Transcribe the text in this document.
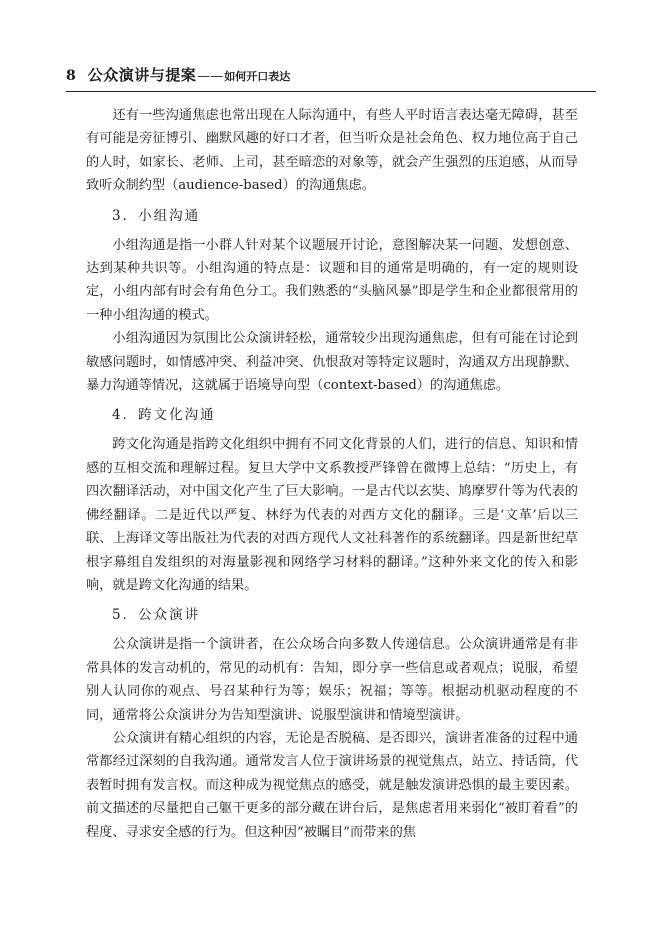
8 公众演讲与提案 —— 如何开口表达

还有一些沟通焦虑也常出现在人际沟通中，有些人平时语言表达毫无障碍，甚至有可能是旁征博引、幽默风趣的好口才者，但当听众是社会角色、权力地位高于自己的人时，如家长、老师、上司，甚至暗恋的对象等，就会产生强烈的压迫感，从而导致听众制约型（audience-based）的沟通焦虑。

3．小组沟通

小组沟通是指一小群人针对某个议题展开讨论，意图解决某一问题、发想创意、达到某种共识等。小组沟通的特点是：议题和目的通常是明确的，有一定的规则设定，小组内部有时会有角色分工。我们熟悉的“头脑风暴”即是学生和企业都很常用的一种小组沟通的模式。

小组沟通因为氛围比公众演讲轻松，通常较少出现沟通焦虑，但有可能在讨论到敏感问题时，如情感冲突、利益冲突、仇恨敌对等特定议题时，沟通双方出现静默、暴力沟通等情况，这就属于语境导向型（context-based）的沟通焦虑。

4．跨文化沟通

跨文化沟通是指跨文化组织中拥有不同文化背景的人们，进行的信息、知识和情感的互相交流和理解过程。复旦大学中文系教授严锋曾在微博上总结：“历史上，有四次翻译活动，对中国文化产生了巨大影响。一是古代以玄奘、鸠摩罗什等为代表的佛经翻译。二是近代以严复、林纾为代表的对西方文化的翻译。三是‘文革’后以三联、上海译文等出版社为代表的对西方现代人文社科著作的系统翻译。四是新世纪草根字幕组自发组织的对海量影视和网络学习材料的翻译。”这种外来文化的传入和影响，就是跨文化沟通的结果。

5．公众演讲

公众演讲是指一个演讲者，在公众场合向多数人传递信息。公众演讲通常是有非常具体的发言动机的，常见的动机有：告知，即分享一些信息或者观点；说服，希望别人认同你的观点、号召某种行为等；娱乐；祝福；等等。根据动机驱动程度的不同，通常将公众演讲分为告知型演讲、说服型演讲和情境型演讲。

公众演讲有精心组织的内容，无论是否脱稿、是否即兴，演讲者准备的过程中通常都经过深刻的自我沟通。通常发言人位于演讲场景的视觉焦点，站立、持话筒，代表暂时拥有发言权。而这种成为视觉焦点的感受，就是触发演讲恐惧的最主要因素。前文描述的尽量把自己躯干更多的部分藏在讲台后，是焦虑者用来弱化“被盯着看”的程度、寻求安全感的行为。但这种因“被瞩目”而带来的焦
